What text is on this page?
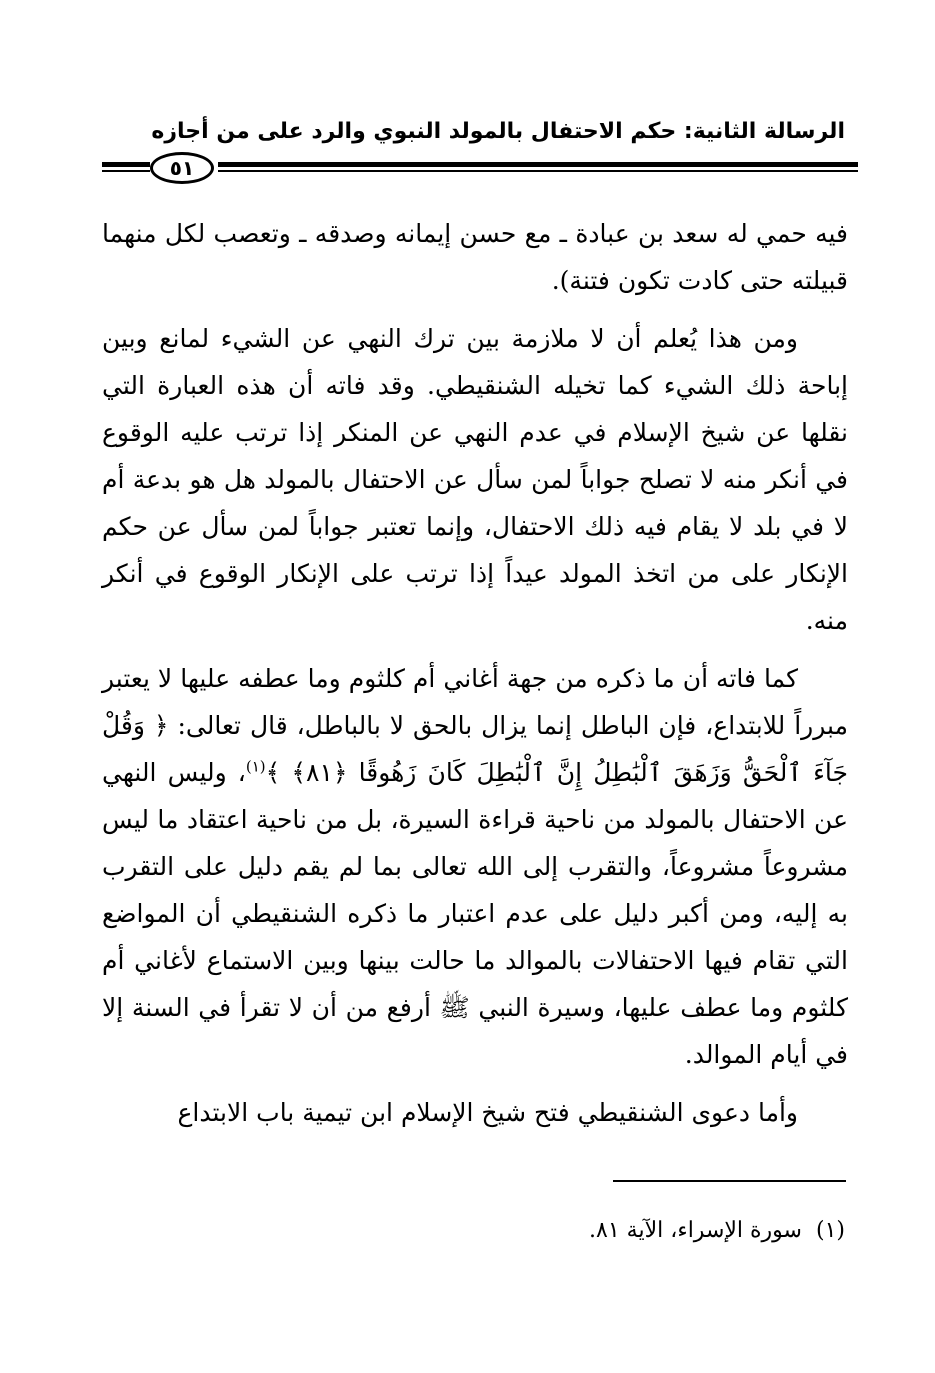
الرسالة الثانية: حكم الاحتفال بالمولد النبوي والرد على من أجازه
٥١

فيه حمي له سعد بن عبادة ـ مع حسن إيمانه وصدقه ـ وتعصب لكل منهما قبيلته حتى كادت تكون فتنة).

ومن هذا يُعلم أن لا ملازمة بين ترك النهي عن الشيء لمانع وبين إباحة ذلك الشيء كما تخيله الشنقيطي. وقد فاته أن هذه العبارة التي نقلها عن شيخ الإسلام في عدم النهي عن المنكر إذا ترتب عليه الوقوع في أنكر منه لا تصلح جواباً لمن سأل عن الاحتفال بالمولد هل هو بدعة أم لا في بلد لا يقام فيه ذلك الاحتفال، وإنما تعتبر جواباً لمن سأل عن حكم الإنكار على من اتخذ المولد عيداً إذا ترتب على الإنكار الوقوع في أنكر منه.

كما فاته أن ما ذكره من جهة أغاني أم كلثوم وما عطفه عليها لا يعتبر مبرراً للابتداع، فإن الباطل إنما يزال بالحق لا بالباطل، قال تعالى: ﴿ وَقُلْ جَآءَ ٱلْحَقُّ وَزَهَقَ ٱلْبَٰطِلُ إِنَّ ٱلْبَٰطِلَ كَانَ زَهُوقًا ﴿٨١﴾ ﴾$^{(١)}$، وليس النهي عن الاحتفال بالمولد من ناحية قراءة السيرة، بل من ناحية اعتقاد ما ليس مشروعاً مشروعاً، والتقرب إلى الله تعالى بما لم يقم دليل على التقرب به إليه، ومن أكبر دليل على عدم اعتبار ما ذكره الشنقيطي أن المواضع التي تقام فيها الاحتفالات بالموالد ما حالت بينها وبين الاستماع لأغاني أم كلثوم وما عطف عليها، وسيرة النبي ﷺ أرفع من أن لا تقرأ في السنة إلا في أيام الموالد.

وأما دعوى الشنقيطي فتح شيخ الإسلام ابن تيمية باب الابتداع

(١)سورة الإسراء، الآية ٨١.
